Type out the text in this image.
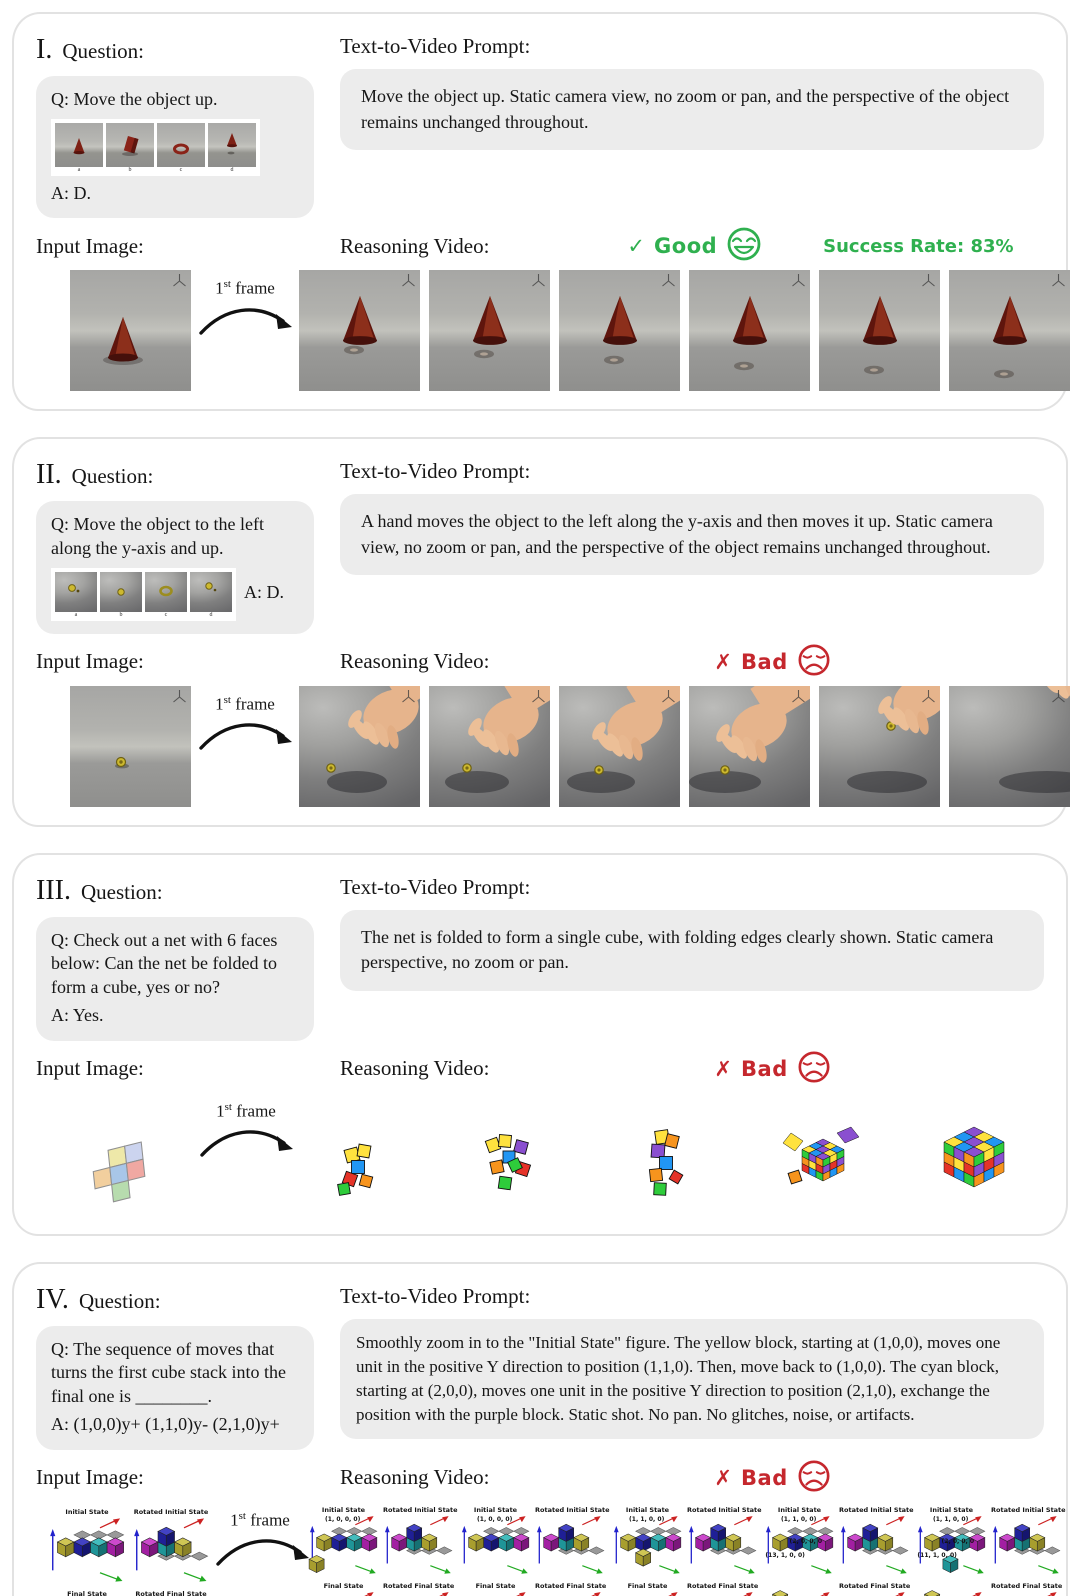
I. Question:
Q: Move the object up.
a	b	c	d
A: D.
Text-to-Video Prompt:
Move the object up. Static camera view, no zoom or pan, and the perspective of the object remains unchanged throughout.
Input Image:	Reasoning Video:	✓ Good	Success Rate: 83%
1st frame
II. Question:
Q: Move the object to the left along the y-axis and up.
a	b	c	d
A: D.
Text-to-Video Prompt:
A hand moves the object to the left along the y-axis and then moves it up. Static camera view, no zoom or pan, and the perspective of the object remains unchanged throughout.
Input Image:	Reasoning Video:	✗ Bad
1st frame
III. Question:
Q: Check out a net with 6 faces below: Can the net be folded to form a cube, yes or no?
A: Yes.
Text-to-Video Prompt:
The net is folded to form a single cube, with folding edges clearly shown. Static camera perspective, no zoom or pan.
Input Image:	Reasoning Video:	✗ Bad
1st frame
IV. Question:
Q: The sequence of moves that turns the first cube stack into the final one is ________.
A: (1,0,0)y+ (1,1,0)y- (2,1,0)y+
Text-to-Video Prompt:
Smoothly zoom in to the "Initial State" figure. The yellow block, starting at (1,0,0), moves one unit in the positive Y direction to position (1,1,0). Then, move back to (1,0,0). The cyan block, starting at (2,0,0), moves one unit in the positive Y direction to position (2,1,0), exchange the position with the purple block. Static shot. No pan. No glitches, noise, or artifacts.
Input Image:	Reasoning Video:	✗ Bad
Initial State	Rotated Initial State
Final State	Rotated Final State
1st frame
Initial State
(1, 0, 0, 0)
Rotated Initial State
Final State	Rotated Final State
Initial State
(1, 0, 0, 0)
Rotated Initial State
Final State	Rotated Final State
Initial State
(1, 1, 0, 0)
Rotated Initial State
Final State	Rotated Final State
Initial State
(1, 1, 0, 0)
(2, 0, 0, 0
(13, 1, 0, 0)
Rotated Initial State
Rotated Final State
Initial State
(1, 1, 0, 0)
(2, 0, 0, 0
(11, 1, 0, 0)
Rotated Initial State
Rotated Final State
